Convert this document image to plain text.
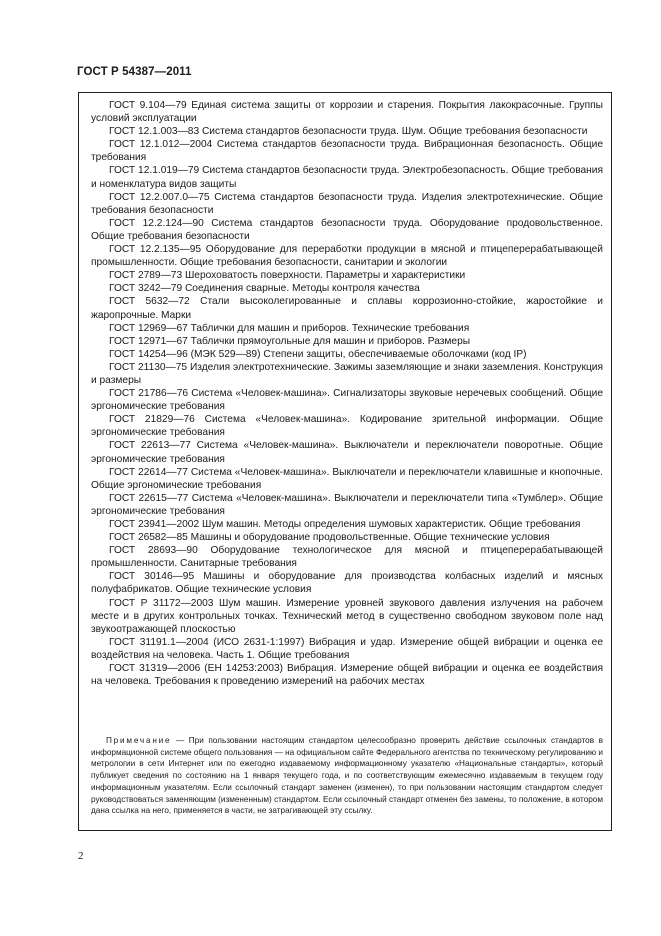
ГОСТ Р 54387—2011

ГОСТ 9.104—79 Единая система защиты от коррозии и старения. Покрытия лакокрасочные. Группы условий эксплуатации

ГОСТ 12.1.003—83 Система стандартов безопасности труда. Шум. Общие требования безопасности

ГОСТ 12.1.012—2004 Система стандартов безопасности труда. Вибрационная безопасность. Общие требования

ГОСТ 12.1.019—79 Система стандартов безопасности труда. Электробезопасность. Общие требования и номенклатура видов защиты

ГОСТ 12.2.007.0—75 Система стандартов безопасности труда. Изделия электротехнические. Общие требования безопасности

ГОСТ 12.2.124—90 Система стандартов безопасности труда. Оборудование продовольственное. Общие требования безопасности

ГОСТ 12.2.135—95 Оборудование для переработки продукции в мясной и птицеперерабатывающей промышленности. Общие требования безопасности, санитарии и экологии

ГОСТ 2789—73 Шероховатость поверхности. Параметры и характеристики

ГОСТ 3242—79 Соединения сварные. Методы контроля качества

ГОСТ 5632—72 Стали высоколегированные и сплавы коррозионно-стойкие, жаростойкие и жаропрочные. Марки

ГОСТ 12969—67 Таблички для машин и приборов. Технические требования

ГОСТ 12971—67 Таблички прямоугольные для машин и приборов. Размеры

ГОСТ 14254—96 (МЭК 529—89) Степени защиты, обеспечиваемые оболочками (код IP)

ГОСТ 21130—75 Изделия электротехнические. Зажимы заземляющие и знаки заземления. Конструкция и размеры

ГОСТ 21786—76 Система «Человек-машина». Сигнализаторы звуковые неречевых сообщений. Общие эргономические требования

ГОСТ 21829—76 Система «Человек-машина». Кодирование зрительной информации. Общие эргономические требования

ГОСТ 22613—77 Система «Человек-машина». Выключатели и переключатели поворотные. Общие эргономические требования

ГОСТ 22614—77 Система «Человек-машина». Выключатели и переключатели клавишные и кнопочные. Общие эргономические требования

ГОСТ 22615—77 Система «Человек-машина». Выключатели и переключатели типа «Тумблер». Общие эргономические требования

ГОСТ 23941—2002 Шум машин. Методы определения шумовых характеристик. Общие требования

ГОСТ 26582—85 Машины и оборудование продовольственные. Общие технические условия

ГОСТ 28693—90 Оборудование технологическое для мясной и птицеперерабатывающей промышленности. Санитарные требования

ГОСТ 30146—95 Машины и оборудование для производства колбасных изделий и мясных полуфабрикатов. Общие технические условия

ГОСТ Р 31172—2003 Шум машин. Измерение уровней звукового давления излучения на рабочем месте и в других контрольных точках. Технический метод в существенно свободном звуковом поле над звукоотражающей плоскостью

ГОСТ 31191.1—2004 (ИСО 2631-1:1997) Вибрация и удар. Измерение общей вибрации и оценка ее воздействия на человека. Часть 1. Общие требования

ГОСТ 31319—2006 (ЕН 14253:2003) Вибрация. Измерение общей вибрации и оценка ее воздействия на человека. Требования к проведению измерений на рабочих местах

Примечание — При пользовании настоящим стандартом целесообразно проверить действие ссылочных стандартов в информационной системе общего пользования — на официальном сайте Федерального агентства по техническому регулированию и метрологии в сети Интернет или по ежегодно издаваемому информационному указателю «Национальные стандарты», который публикует сведения по состоянию на 1 января текущего года, и по соответствующим ежемесячно издаваемым в текущем году информационным указателям. Если ссылочный стандарт заменен (изменен), то при пользовании настоящим стандартом следует руководствоваться заменяющим (измененным) стандартом. Если ссылочный стандарт отменен без замены, то положение, в котором дана ссылка на него, применяется в части, не затрагивающей эту ссылку.

2
